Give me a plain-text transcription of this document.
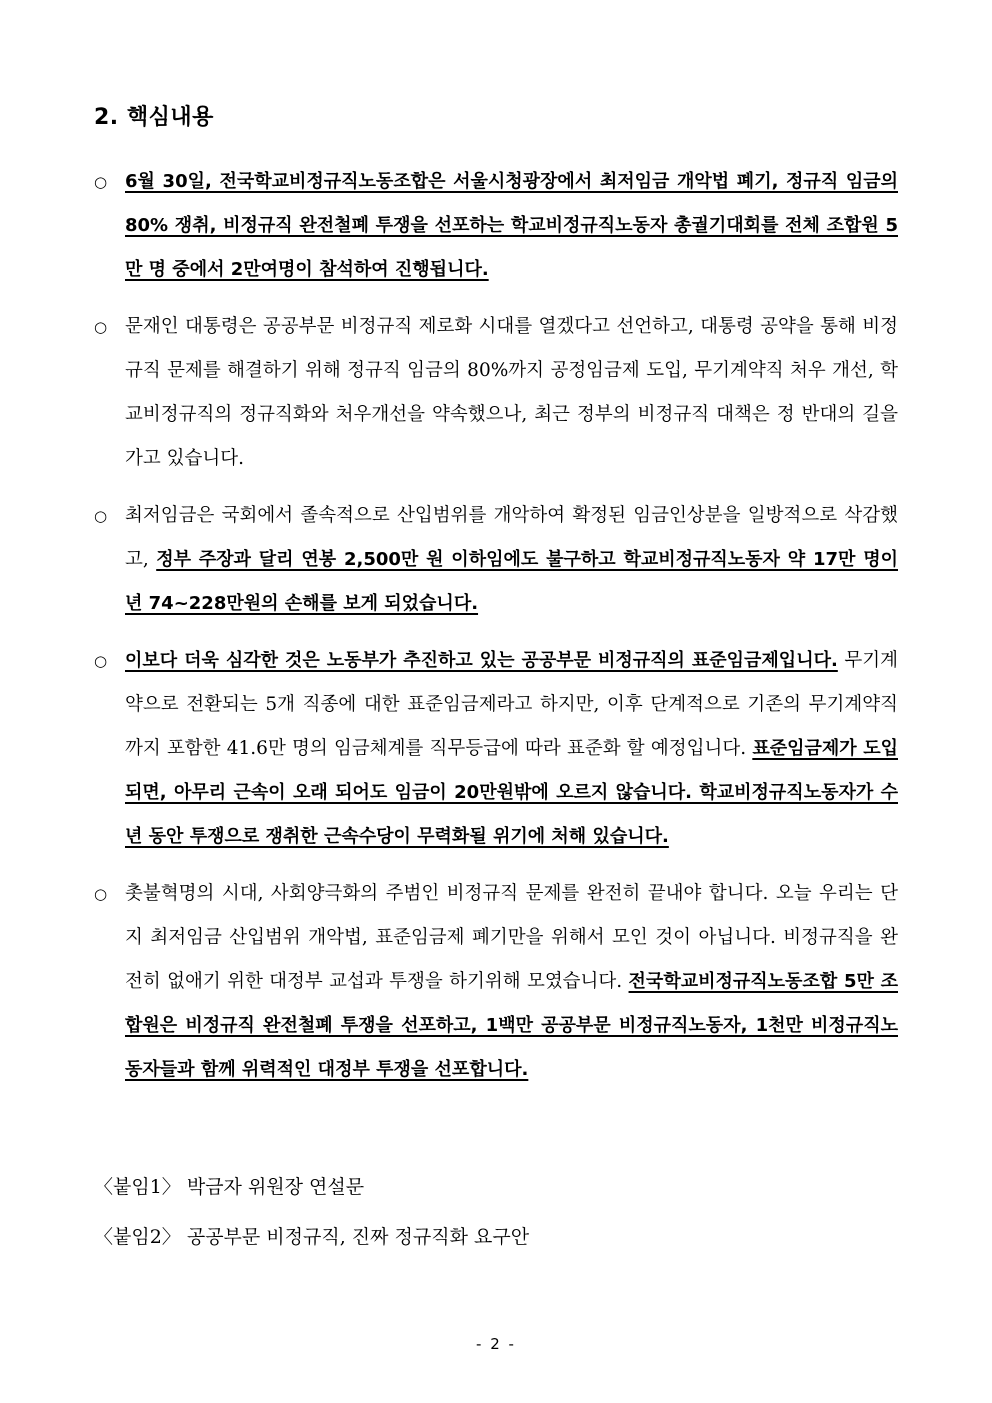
2. 핵심내용
○ 6월 30일, 전국학교비정규직노동조합은 서울시청광장에서 최저임금 개악법 폐기, 정규직 임금의 80% 쟁취, 비정규직 완전철폐 투쟁을 선포하는 학교비정규직노동자 총궐기대회를 전체 조합원 5만 명 중에서 2만여명이 참석하여 진행됩니다.
○ 문재인 대통령은 공공부문 비정규직 제로화 시대를 열겠다고 선언하고, 대통령 공약을 통해 비정규직 문제를 해결하기 위해 정규직 임금의 80%까지 공정임금제 도입, 무기계약직 처우 개선, 학교비정규직의 정규직화와 처우개선을 약속했으나, 최근 정부의 비정규직 대책은 정 반대의 길을 가고 있습니다.
○ 최저임금은 국회에서 졸속적으로 산입범위를 개악하여 확정된 임금인상분을 일방적으로 삭감했고, 정부 주장과 달리 연봉 2,500만 원 이하임에도 불구하고 학교비정규직노동자 약 17만 명이 년 74~228만원의 손해를 보게 되었습니다.
○ 이보다 더욱 심각한 것은 노동부가 추진하고 있는 공공부문 비정규직의 표준임금제입니다. 무기계약으로 전환되는 5개 직종에 대한 표준임금제라고 하지만, 이후 단계적으로 기존의 무기계약직까지 포함한 41.6만 명의 임금체계를 직무등급에 따라 표준화 할 예정입니다. 표준임금제가 도입되면, 아무리 근속이 오래 되어도 임금이 20만원밖에 오르지 않습니다. 학교비정규직노동자가 수년 동안 투쟁으로 쟁취한 근속수당이 무력화될 위기에 처해 있습니다.
○ 촛불혁명의 시대, 사회양극화의 주범인 비정규직 문제를 완전히 끝내야 합니다. 오늘 우리는 단지 최저임금 산입범위 개악법, 표준임금제 폐기만을 위해서 모인 것이 아닙니다. 비정규직을 완전히 없애기 위한 대정부 교섭과 투쟁을 하기위해 모였습니다. 전국학교비정규직노동조합 5만 조합원은 비정규직 완전철폐 투쟁을 선포하고, 1백만 공공부문 비정규직노동자, 1천만 비정규직노동자들과 함께 위력적인 대정부 투쟁을 선포합니다.
〈붙임1〉 박금자 위원장 연설문
〈붙임2〉 공공부문 비정규직, 진짜 정규직화 요구안
- 2 -
